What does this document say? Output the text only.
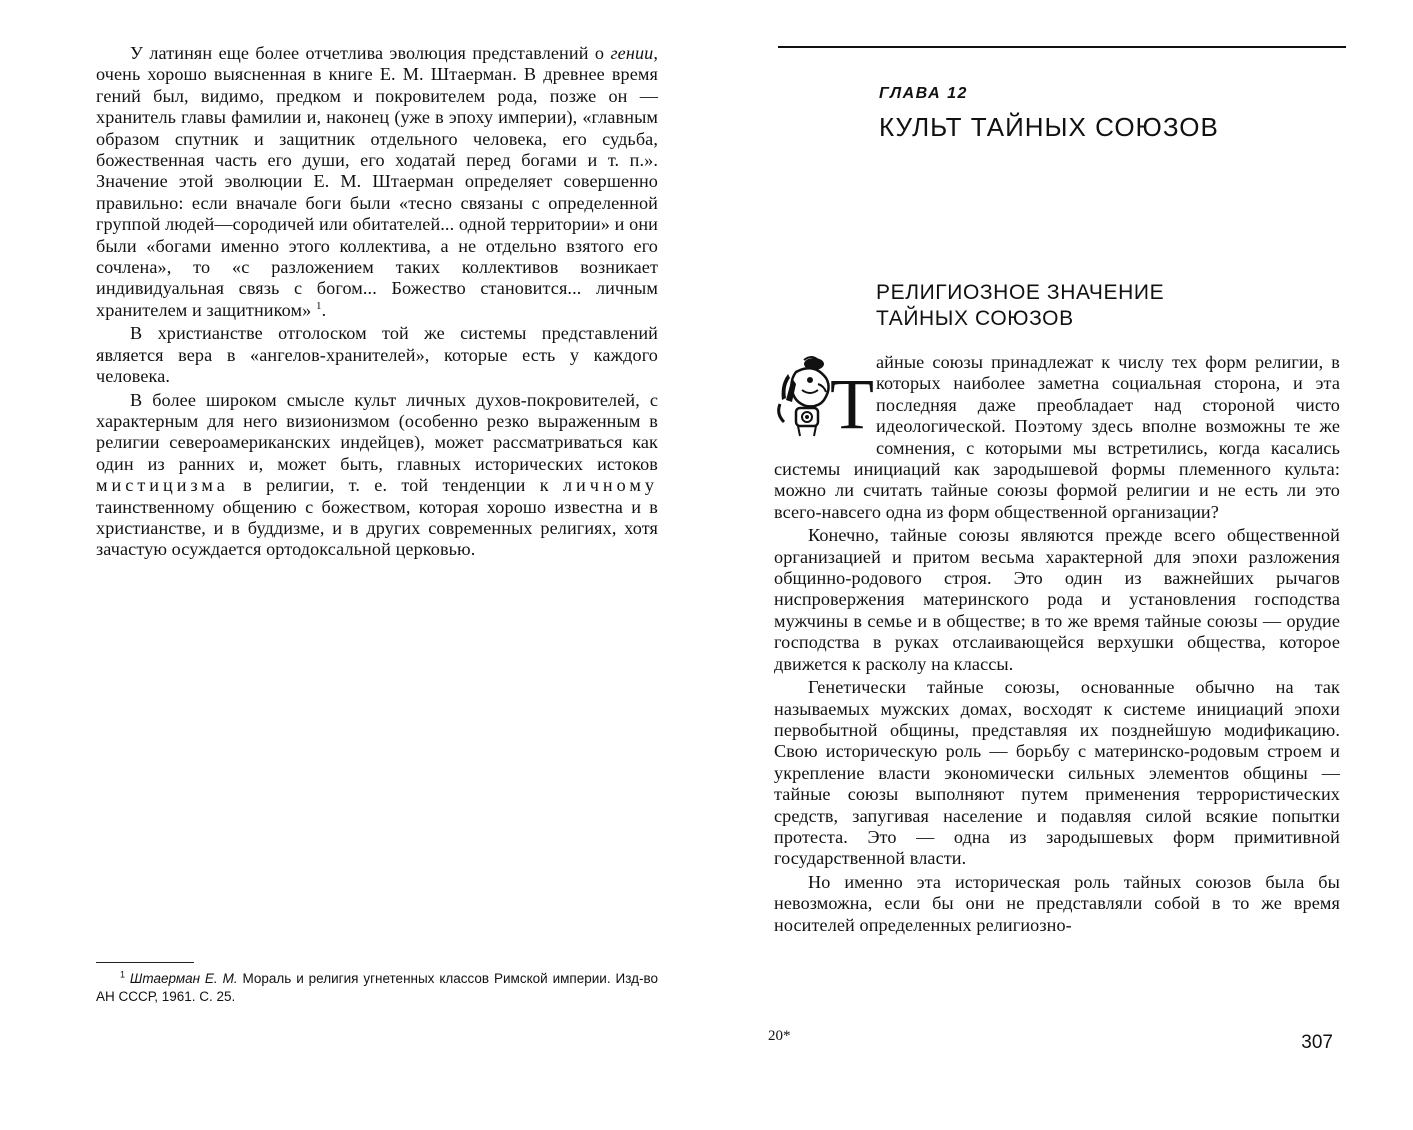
У латинян еще более отчетлива эволюция представлений о гении, очень хорошо выясненная в книге Е. М. Штаерман. В древнее время гений был, видимо, предком и покровителем рода, позже он — хранитель главы фамилии и, наконец (уже в эпоху империи), «главным образом спутник и защитник отдельного человека, его судьба, божественная часть его души, его ходатай перед богами и т. п.». Значение этой эволюции Е. М. Штаерман определяет совершенно правильно: если вначале боги были «тесно связаны с определенной группой людей—сородичей или обитателей... одной территории» и они были «богами именно этого коллектива, а не отдельно взятого его сочлена», то «с разложением таких коллективов возникает индивидуальная связь с богом... Божество становится... личным хранителем и защитником» $^1$.

В христианстве отголоском той же системы представлений является вера в «ангелов-хранителей», которые есть у каждого человека.

В более широком смысле культ личных духов-покровителей, с характерным для него визионизмом (особенно резко выраженным в религии североамериканских индейцев), может рассматриваться как один из ранних и, может быть, главных исторических истоков мистицизма в религии, т. е. той тенденции к личному таинственному общению с божеством, которая хорошо известна и в христианстве, и в буддизме, и в других современных религиях, хотя зачастую осуждается ортодоксальной церковью.

$^1$ Штаерман Е. М. Мораль и религия угнетенных классов Римской империи. Изд-во АН СССР, 1961. С. 25.
ГЛАВА 12
КУЛЬТ ТАЙНЫХ СОЮЗОВ
РЕЛИГИОЗНОЕ ЗНАЧЕНИЕ
ТАЙНЫХ СОЮЗОВ

Т
айные союзы принадлежат к числу тех форм религии, в которых наиболее заметна социальная сторона, и эта последняя даже преобладает над стороной чисто идеологической. Поэтому здесь вполне возможны те же сомнения, с которыми мы встретились, когда касались системы инициаций как зародышевой формы племенного культа: можно ли считать тайные союзы формой религии и не есть ли это всего-навсего одна из форм общественной организации?

Конечно, тайные союзы являются прежде всего общественной организацией и притом весьма характерной для эпохи разложения общинно-родового строя. Это один из важнейших рычагов ниспровержения материнского рода и установления господства мужчины в семье и в обществе; в то же время тайные союзы — орудие господства в руках отслаивающейся верхушки общества, которое движется к расколу на классы.

Генетически тайные союзы, основанные обычно на так называемых мужских домах, восходят к системе инициаций эпохи первобытной общины, представляя их позднейшую модификацию. Свою историческую роль — борьбу с материнско-родовым строем и укрепление власти экономически сильных элементов общины — тайные союзы выполняют путем применения террористических средств, запугивая население и подавляя силой всякие попытки протеста. Это — одна из зародышевых форм примитивной государственной власти.

Но именно эта историческая роль тайных союзов была бы невозможна, если бы они не представляли собой в то же время носителей определенных религиозно-

20*	307
